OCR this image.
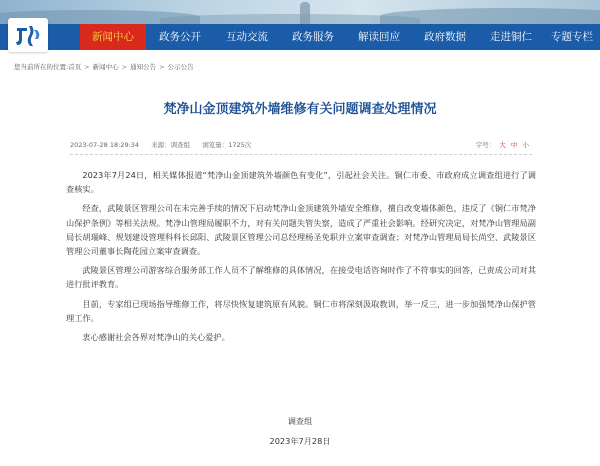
新闻中心	政务公开	互动交流	政务服务	解读回应	政府数据	走进铜仁	专题专栏
您当前所在的位置: 首页 > 新闻中心 > 通知公告 > 公示公告
梵净山金顶建筑外墙维修有关问题调查处理情况
2023-07-28 18:29:34 来源：调查组 浏览量：1725次	字号： 大 中 小

2023年7月24日，相关媒体报道“梵净山金顶建筑外墙颜色有变化”，引起社会关注。铜仁市委、市政府成立调查组进行了调查核实。

经查，武陵景区管理公司在未完善手续的情况下启动梵净山金顶建筑外墙安全维修，擅自改变墙体颜色，违反了《铜仁市梵净山保护条例》等相关法规。梵净山管理局履职不力，对有关问题失管失察，造成了严重社会影响。经研究决定，对梵净山管理局副局长胡瑞峰、规划建设管理科科长邱阳、武陵景区管理公司总经理杨圣免职并立案审查调查；对梵净山管理局局长尚空、武陵景区管理公司董事长陶花园立案审查调查。

武陵景区管理公司游客综合服务部工作人员不了解维修的具体情况，在接受电话咨询时作了不符事实的回答，已责成公司对其进行批评教育。

目前，专家组已现场指导维修工作，将尽快恢复建筑原有风貌。铜仁市将深刻汲取教训，举一反三，进一步加强梵净山保护管理工作。

衷心感谢社会各界对梵净山的关心爱护。

调查组
2023年7月28日
